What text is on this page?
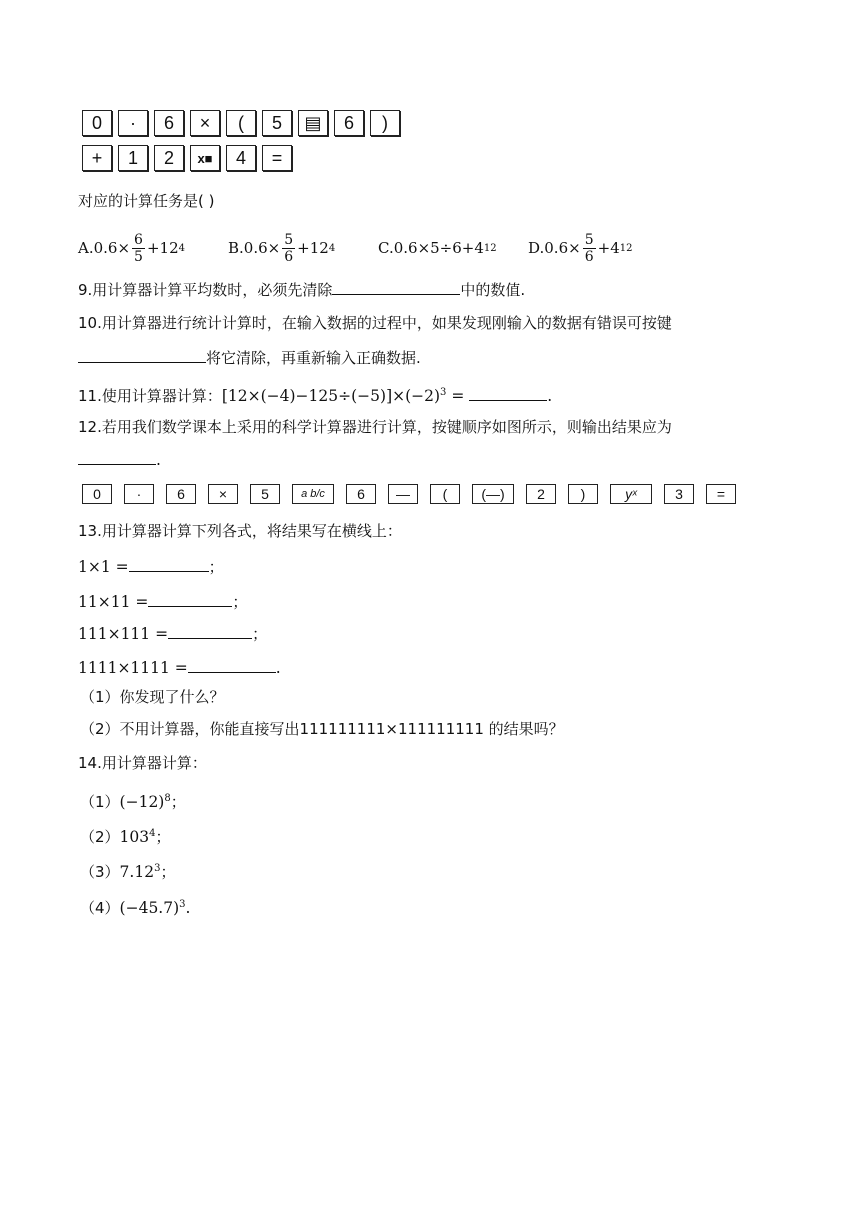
0	·	6	×	(	5	▤	6	)
+	1	2	x■	4	=
对应的计算任务是( )
A. $0.6\times \frac{6}{5} +12$ 4	B. $0.6\times \frac{5}{6} +12$ 4	C. 0.6×5÷6+4 12 D. $0.6\times \frac{5}{6} +4$ 12
9.用计算器计算平均数时，必须先清除	中的数值.
10.用计算器进行统计计算时，在输入数据的过程中，如果发现刚输入的数据有错误可按键
将它清除，再重新输入正确数据.
11.使用计算器计算：$[12\times(-4)-125\div(-5)]\times(-2)^3$ =	.
12.若用我们数学课本上采用的科学计算器进行计算，按键顺序如图所示，则输出结果应为
.
0	·	6	×	5	a b/c	6	—	(	(—)	2	)	yˣ	3	=
13.用计算器计算下列各式，将结果写在横线上：
1×1 =	；
11×11 =	；
111×111 =	；
1111×1111 =	.
（1）你发现了什么？
（2）不用计算器，你能直接写出111111111×111111111 的结果吗？
14.用计算器计算：
$(1)(-12)^8$；
$(2)103^4$；
（3）7.12$^3$；
$(4)(-45.7)^3$.
